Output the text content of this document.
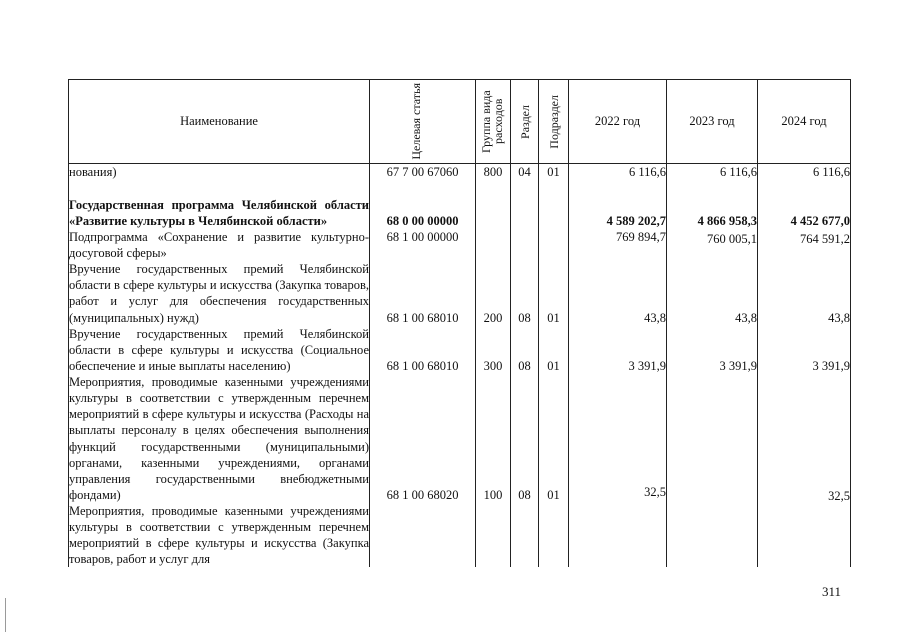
Наименование	Целевая статья	Группа вида расходов	Раздел	Подраздел	2022 год	2023 год	2024 год
нования)	67 7 00 67060	800	04	01	6 116,6	6 116,6	6 116,6
Государственная программа Челябинской области «Развитие культуры в Челябинской области»	68 0 00 00000				4 589 202,7	4 866 958,3	4 452 677,0
Подпрограмма «Сохранение и развитие культурно-досуговой сферы»	68 1 00 00000				769 894,7	760 005,1	764 591,2
Вручение государственных премий Челябинской области в сфере культуры и искусства (Закупка товаров, работ и услуг для обеспечения государственных (муниципальных) нужд)	68 1 00 68010	200	08	01	43,8	43,8	43,8
Вручение государственных премий Челябинской области в сфере культуры и искусства (Социальное обеспечение и иные выплаты населению)	68 1 00 68010	300	08	01	3 391,9	3 391,9	3 391,9
Мероприятия, проводимые казенными учреждениями культуры в соответствии с утвержденным перечнем мероприятий в сфере культуры и искусства (Расходы на выплаты персоналу в целях обеспечения выполнения функций государственными (муниципальными) органами, казенными учреждениями, органами управления государственными внебюджетными фондами)	68 1 00 68020	100	08	01	32,5		32,5
Мероприятия, проводимые казенными учреждениями культуры в соответствии с утвержденным перечнем мероприятий в сфере культуры и искусства (Закупка товаров, работ и услуг для							
311
